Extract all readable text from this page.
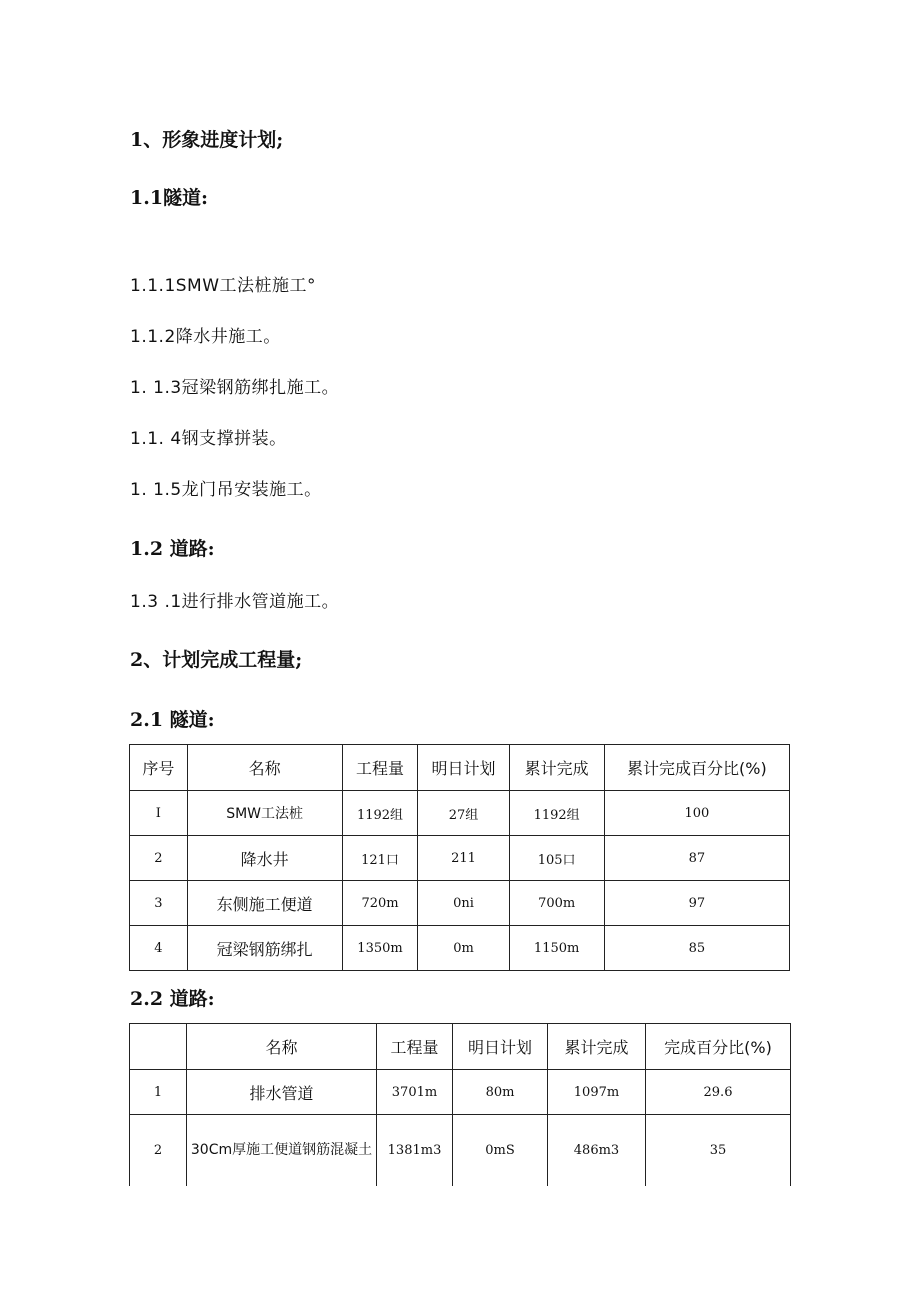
1、形象进度计划;
1.1隧道:
1.1.1SMW工法桩施工°
1.1.2降水井施工。
1. 1.3冠梁钢筋绑扎施工。
1.1. 4钢支撑拼装。
1. 1.5龙门吊安装施工。
1.2 道路:
1.3 .1进行排水管道施工。
2、计划完成工程量;
2.1 隧道:
序号	名称	工程量	明日计划	累计完成	累计完成百分比(%)
I	SMW工法桩	1192组	27组	1192组	100
2	降水井	121口	211	105口	87
3	东侧施工便道	720m	0ni	700m	97
4	冠梁钢筋绑扎	1350m	0m	1150m	85
2.2 道路:
	名称	工程量	明日计划	累计完成	完成百分比(%)
1	排水管道	3701m	80m	1097m	29.6
2	30Cm厚施工便道钢筋混凝土	1381m3	0mS	486m3	35
